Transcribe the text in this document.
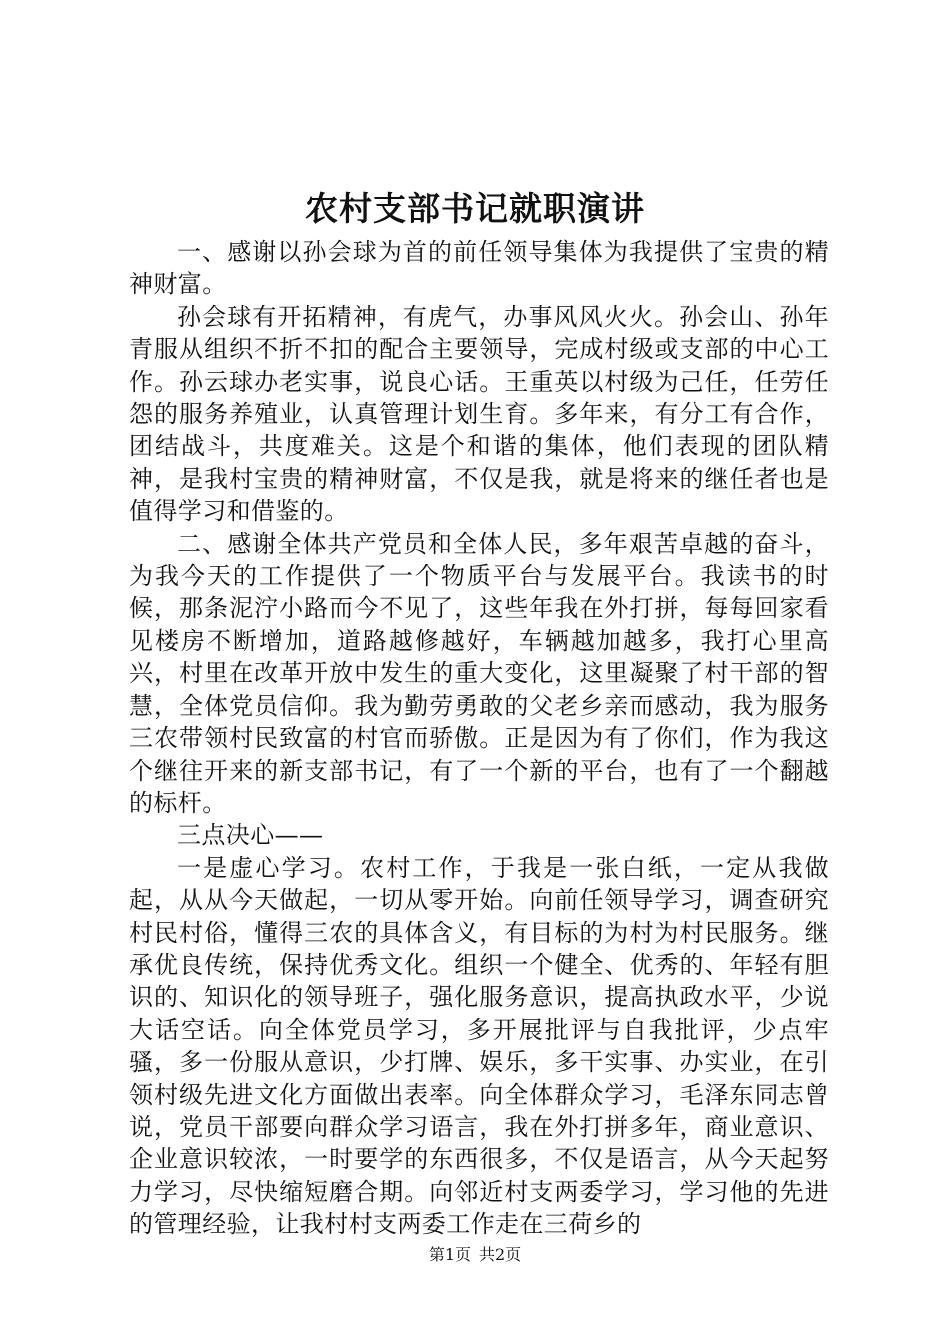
农村支部书记就职演讲

一、感谢以孙会球为首的前任领导集体为我提供了宝贵的精神财富。

孙会球有开拓精神，有虎气，办事风风火火。孙会山、孙年青服从组织不折不扣的配合主要领导，完成村级或支部的中心工作。孙云球办老实事，说良心话。王重英以村级为己任，任劳任怨的服务养殖业，认真管理计划生育。多年来，有分工有合作，团结战斗，共度难关。这是个和谐的集体，他们表现的团队精神，是我村宝贵的精神财富，不仅是我，就是将来的继任者也是值得学习和借鉴的。

二、感谢全体共产党员和全体人民，多年艰苦卓越的奋斗，为我今天的工作提供了一个物质平台与发展平台。我读书的时候，那条泥泞小路而今不见了，这些年我在外打拼，每每回家看见楼房不断增加，道路越修越好，车辆越加越多，我打心里高兴，村里在改革开放中发生的重大变化，这里凝聚了村干部的智慧，全体党员信仰。我为勤劳勇敢的父老乡亲而感动，我为服务三农带领村民致富的村官而骄傲。正是因为有了你们，作为我这个继往开来的新支部书记，有了一个新的平台，也有了一个翻越的标杆。

三点决心——

一是虚心学习。农村工作，于我是一张白纸，一定从我做起，从从今天做起，一切从零开始。向前任领导学习，调查研究村民村俗，懂得三农的具体含义，有目标的为村为村民服务。继承优良传统，保持优秀文化。组织一个健全、优秀的、年轻有胆识的、知识化的领导班子，强化服务意识，提高执政水平，少说大话空话。向全体党员学习，多开展批评与自我批评，少点牢骚，多一份服从意识，少打牌、娱乐，多干实事、办实业，在引领村级先进文化方面做出表率。向全体群众学习，毛泽东同志曾说，党员干部要向群众学习语言，我在外打拼多年，商业意识、企业意识较浓，一时要学的东西很多，不仅是语言，从今天起努力学习，尽快缩短磨合期。向邻近村支两委学习，学习他的先进的管理经验，让我村村支两委工作走在三荷乡的

第1页 共2页
